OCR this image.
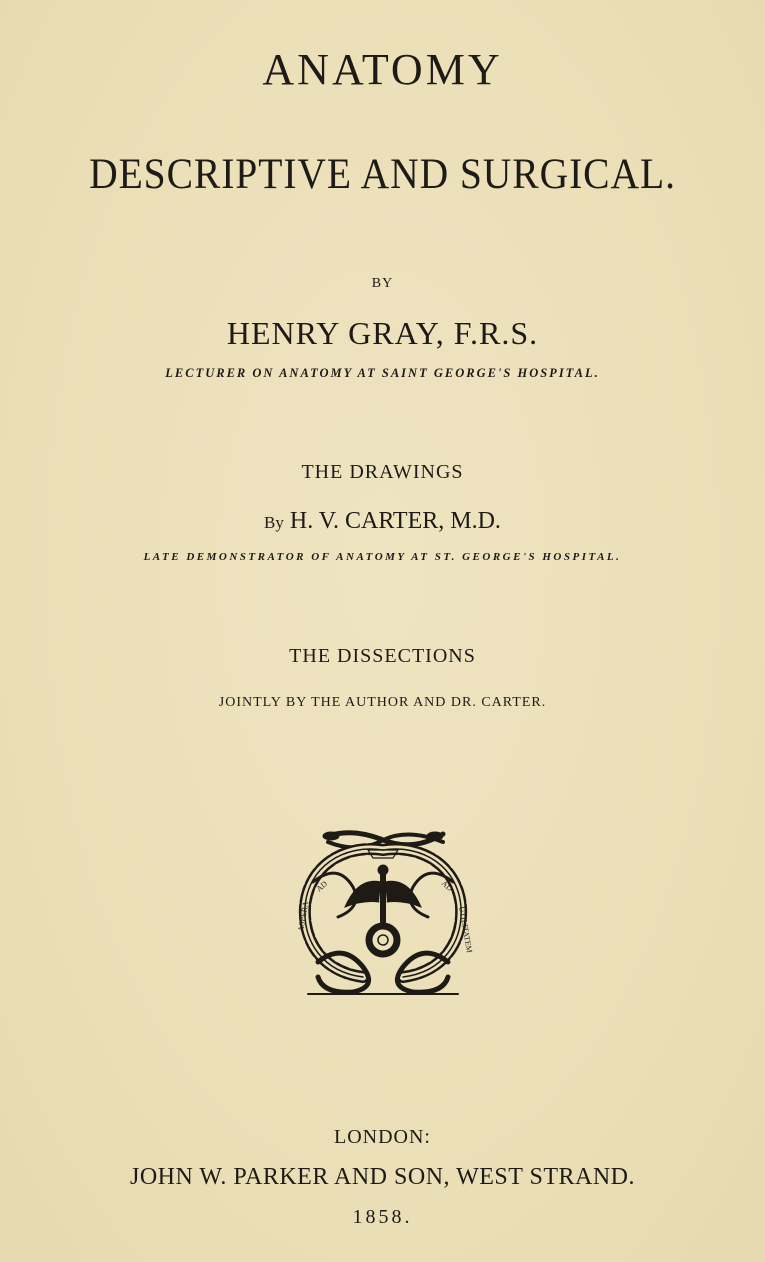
ANATOMY
DESCRIPTIVE AND SURGICAL.
BY
HENRY GRAY, F.R.S.
LECTURER ON ANATOMY AT SAINT GEORGE'S HOSPITAL.
THE DRAWINGS
By H. V. CARTER, M.D.
LATE DEMONSTRATOR OF ANATOMY AT ST. GEORGE'S HOSPITAL.
THE DISSECTIONS
JOINTLY BY THE AUTHOR AND DR. CARTER.
AD
ASPERA
AD
UTILITATEM
LONDON:
JOHN W. PARKER AND SON, WEST STRAND.
1858.
